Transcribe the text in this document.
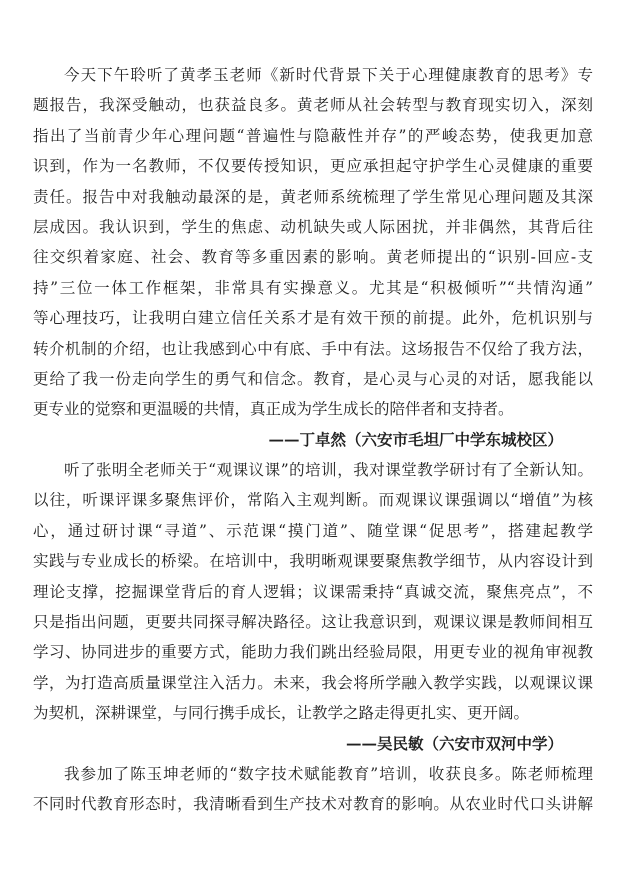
今天下午聆听了黄孝玉老师《新时代背景下关于心理健康教育的思考》专
题报告，我深受触动，也获益良多。黄老师从社会转型与教育现实切入，深刻
指出了当前青少年心理问题“普遍性与隐蔽性并存”的严峻态势，使我更加意
识到，作为一名教师，不仅要传授知识，更应承担起守护学生心灵健康的重要
责任。报告中对我触动最深的是，黄老师系统梳理了学生常见心理问题及其深
层成因。我认识到，学生的焦虑、动机缺失或人际困扰，并非偶然，其背后往
往交织着家庭、社会、教育等多重因素的影响。黄老师提出的“识别-回应-支
持”三位一体工作框架，非常具有实操意义。尤其是“积极倾听”“共情沟通”
等心理技巧，让我明白建立信任关系才是有效干预的前提。此外，危机识别与
转介机制的介绍，也让我感到心中有底、手中有法。这场报告不仅给了我方法，
更给了我一份走向学生的勇气和信念。教育，是心灵与心灵的对话，愿我能以
更专业的觉察和更温暖的共情，真正成为学生成长的陪伴者和支持者。
——丁卓然（六安市毛坦厂中学东城校区）
听了张明全老师关于“观课议课”的培训，我对课堂教学研讨有了全新认知。
以往，听课评课多聚焦评价，常陷入主观判断。而观课议课强调以“增值”为核
心，通过研讨课“寻道”、示范课“摸门道”、随堂课“促思考”，搭建起教学
实践与专业成长的桥梁。在培训中，我明晰观课要聚焦教学细节，从内容设计到
理论支撑，挖掘课堂背后的育人逻辑；议课需秉持“真诚交流，聚焦亮点”，不
只是指出问题，更要共同探寻解决路径。这让我意识到，观课议课是教师间相互
学习、协同进步的重要方式，能助力我们跳出经验局限，用更专业的视角审视教
学，为打造高质量课堂注入活力。未来，我会将所学融入教学实践，以观课议课
为契机，深耕课堂，与同行携手成长，让教学之路走得更扎实、更开阔。
——吴民敏（六安市双河中学）
我参加了陈玉坤老师的“数字技术赋能教育”培训，收获良多。陈老师梳理
不同时代教育形态时，我清晰看到生产技术对教育的影响。从农业时代口头讲解
